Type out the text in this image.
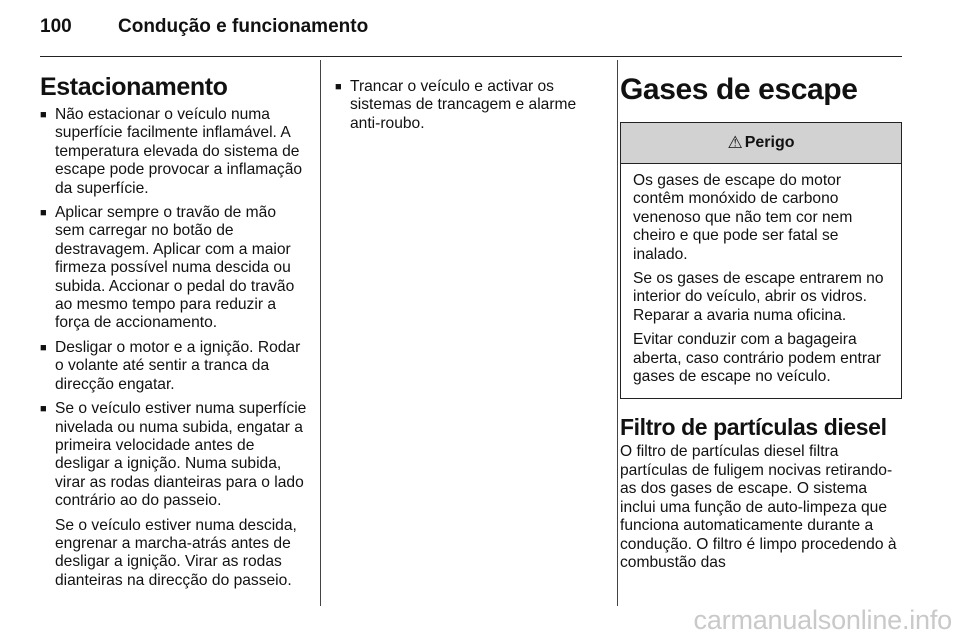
100 Condução e funcionamento
Estacionamento
■ Não estacionar o veículo numa superfície facilmente inflamável. A temperatura elevada do sistema de escape pode provocar a inflamação da superfície.
■ Aplicar sempre o travão de mão sem carregar no botão de destravagem. Aplicar com a maior firmeza possível numa descida ou subida. Accionar o pedal do travão ao mesmo tempo para reduzir a força de accionamento.
■ Desligar o motor e a ignição. Rodar o volante até sentir a tranca da direcção engatar.
■ Se o veículo estiver numa superfície nivelada ou numa subida, engatar a primeira velocidade antes de desligar a ignição. Numa subida, virar as rodas dianteiras para o lado contrário ao do passeio.

Se o veículo estiver numa descida, engrenar a marcha-atrás antes de desligar a ignição. Virar as rodas dianteiras na direcção do passeio.

■ Trancar o veículo e activar os sistemas de trancagem e alarme anti-roubo.
Gases de escape
⚠ Perigo

Os gases de escape do motor contêm monóxido de carbono venenoso que não tem cor nem cheiro e que pode ser fatal se inalado.

Se os gases de escape entrarem no interior do veículo, abrir os vidros. Reparar a avaria numa oficina.

Evitar conduzir com a bagageira aberta, caso contrário podem entrar gases de escape no veículo.

Filtro de partículas diesel

O filtro de partículas diesel filtra partículas de fuligem nocivas retirando-as dos gases de escape. O sistema inclui uma função de auto-limpeza que funciona automaticamente durante a condução. O filtro é limpo procedendo à combustão das

carmanualsonline.info
